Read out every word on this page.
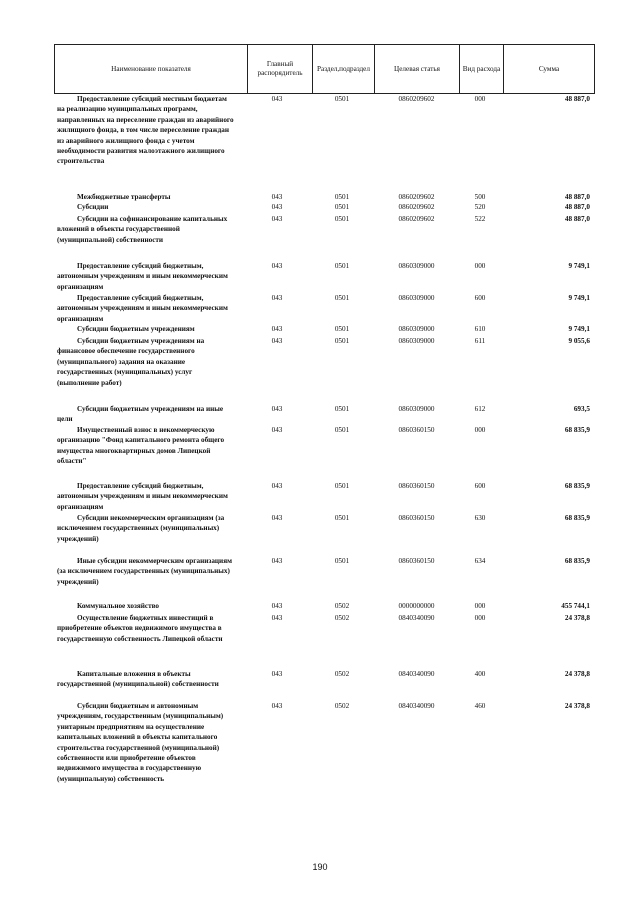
Наименование показателя	Главный распорядитель	Раздел,подраздел	Целевая статья	Вид расхода	Сумма
Предоставление субсидий местным бюджетам на реализацию муниципальных программ, направленных на переселение граждан из аварийного жилищного фонда, в том числе переселение граждан из аварийного жилищного фонда с учетом необходимости развития малоэтажного жилищного строительства
043	0501	0860209602	000	48 887,0
Межбюджетные трансферты	043	0501	0860209602	500	48 887,0
Субсидии	043	0501	0860209602	520	48 887,0
Субсидии на софинансирование капитальных вложений в объекты государственной (муниципальной) собственности
043	0501	0860209602	522	48 887,0
Предоставление субсидий бюджетным, автономным учреждениям и иным некоммерческим организациям
043	0501	0860309000	000	9 749,1
Предоставление субсидий бюджетным, автономным учреждениям и иным некоммерческим организациям
043	0501	0860309000	600	9 749,1
Субсидии бюджетным учреждениям	043	0501	0860309000	610	9 749,1
Субсидии бюджетным учреждениям на финансовое обеспечение государственного (муниципального) задания на оказание государственных (муниципальных) услуг (выполнение работ)
043	0501	0860309000	611	9 055,6
Субсидии бюджетным учреждениям на иные цели
043	0501	0860309000	612	693,5
Имущественный взнос в некоммерческую организацию "Фонд капитального ремонта общего имущества многоквартирных домов Липецкой области"
043	0501	0860360150	000	68 835,9
Предоставление субсидий бюджетным, автономным учреждениям и иным некоммерческим организациям
043	0501	0860360150	600	68 835,9
Субсидии некоммерческим организациям (за исключением государственных (муниципальных) учреждений)
043	0501	0860360150	630	68 835,9
Иные субсидии некоммерческим организациям (за исключением государственных (муниципальных) учреждений)
043	0501	0860360150	634	68 835,9
Коммунальное хозяйство	043	0502	0000000000	000	455 744,1
Осуществление бюджетных инвестиций в приобретение объектов недвижимого имущества в государственную собственность Липецкой области
043	0502	0840340090	000	24 378,8
Капитальные вложения в объекты государственной (муниципальной) собственности
043	0502	0840340090	400	24 378,8
Субсидии бюджетным и автономным учреждениям, государственным (муниципальным) унитарным предприятиям на осуществление капитальных вложений в объекты капитального строительства государственной (муниципальной) собственности или приобретение объектов недвижимого имущества в государственную (муниципальную) собственность
043	0502	0840340090	460	24 378,8
190
